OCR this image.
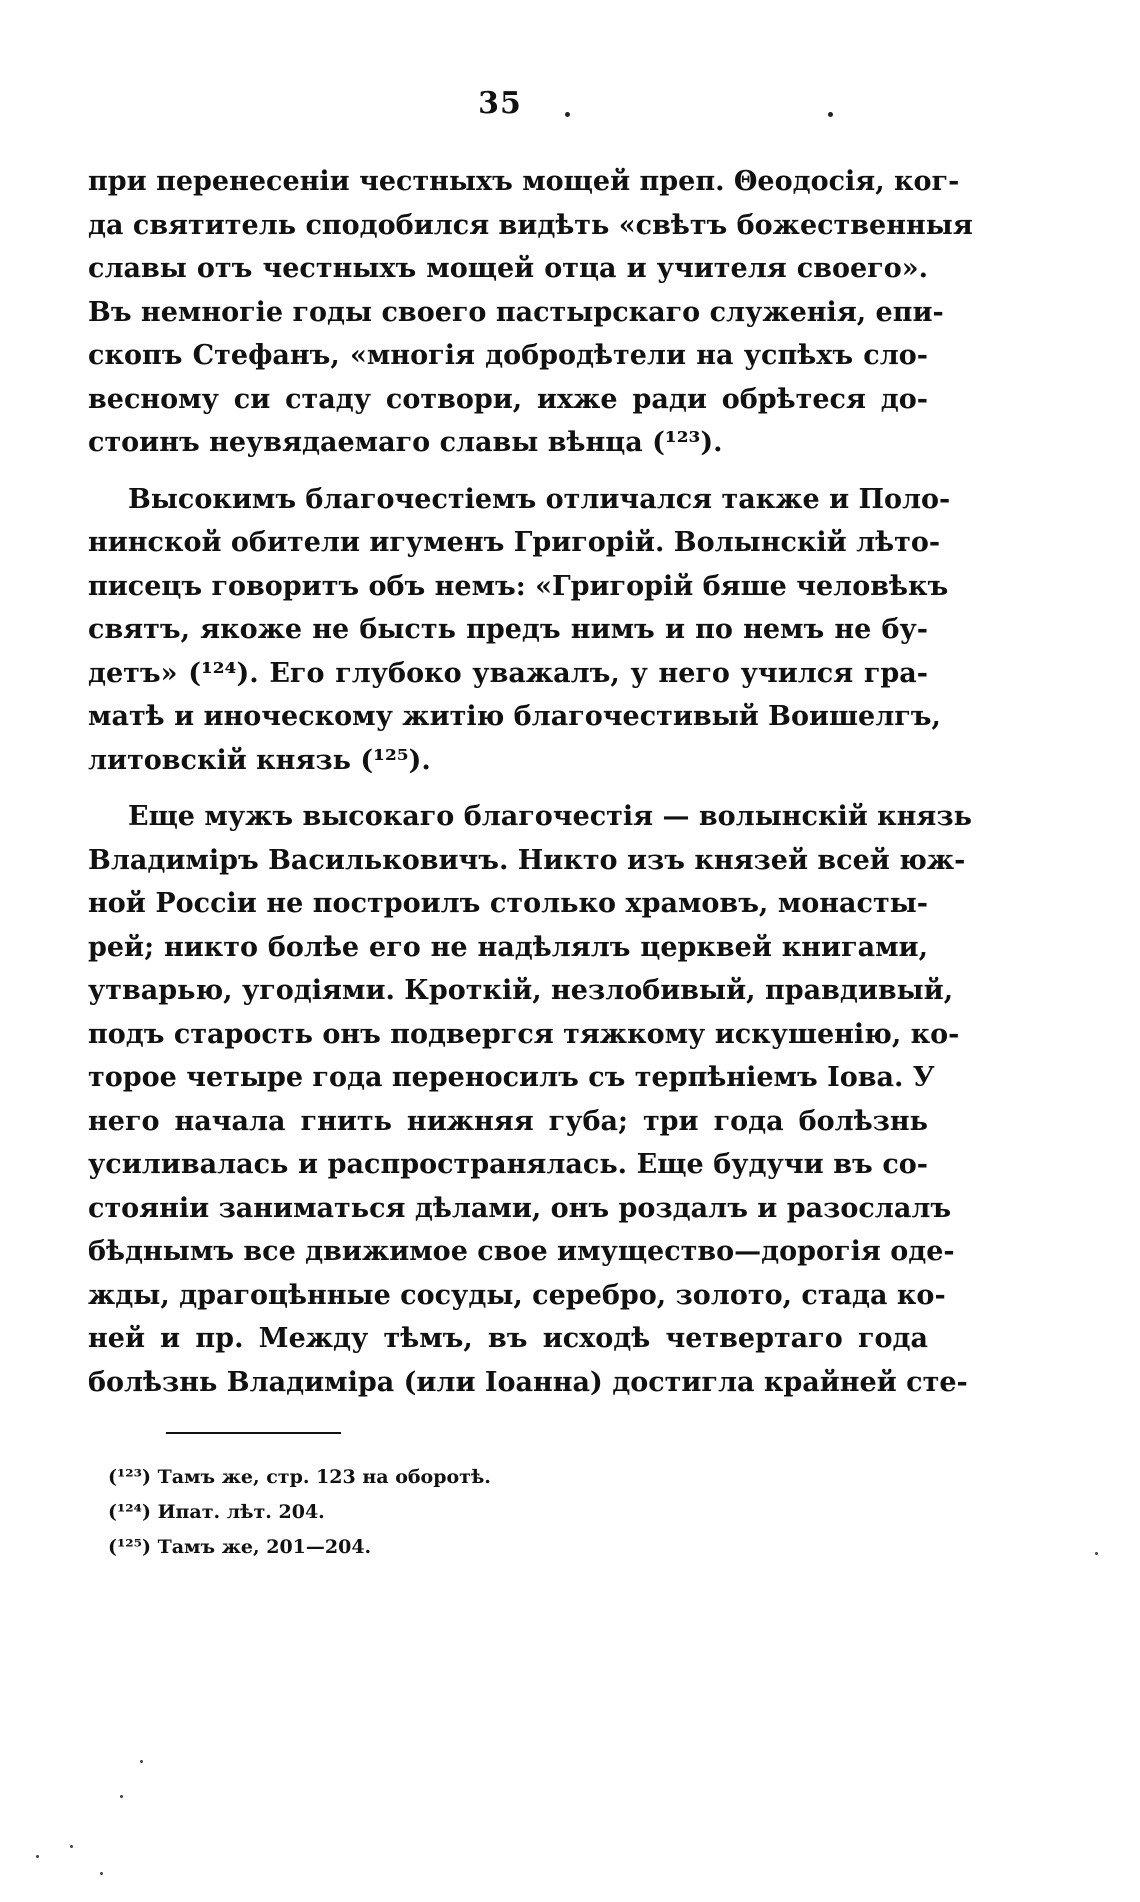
35
при перенесеніи честныхъ мощей преп. Θеодосія, ког-
да святитель сподобился видѣть «свѣтъ божественныя
славы отъ честныхъ мощей отца и учителя своего».
Въ немногіе годы своего пастырскаго служенія, епи-
скопъ Стефанъ, «многія добродѣтели на успѣхъ сло-
весному си стаду сотвори, ихже ради обрѣтеся до-
стоинъ неувядаемаго славы вѣнца (¹²³).
Высокимъ благочестіемъ отличался также и Поло-
нинской обители игуменъ Григорій. Волынскій лѣто-
писецъ говоритъ объ немъ: «Григорій бяше человѣкъ
святъ, якоже не бысть предъ нимъ и по немъ не бу-
детъ» (¹²⁴). Его глубоко уважалъ, у него учился гра-
матѣ и иноческому житію благочестивый Воишелгъ,
литовскій князь (¹²⁵).
Еще мужъ высокаго благочестія — волынскій князь
Владиміръ Васильковичъ. Никто изъ князей всей юж-
ной Россіи не построилъ столько храмовъ, монасты-
рей; никто болѣе его не надѣлялъ церквей книгами,
утварью, угодіями. Кроткій, незлобивый, правдивый,
подъ старость онъ подвергся тяжкому искушенію, ко-
торое четыре года переносилъ съ терпѣніемъ Іова. У
него начала гнить нижняя губа; три года болѣзнь
усиливалась и распространялась. Еще будучи въ со-
стояніи заниматься дѣлами, онъ роздалъ и разослалъ
бѣднымъ все движимое свое имущество—дорогія оде-
жды, драгоцѣнные сосуды, серебро, золото, стада ко-
ней и пр. Между тѣмъ, въ исходѣ четвертаго года
болѣзнь Владиміра (или Іоанна) достигла крайней сте-
(¹²³) Тамъ же, стр. 123 на оборотѣ.
(¹²⁴) Ипат. лѣт. 204.
(¹²⁵) Тамъ же, 201—204.
